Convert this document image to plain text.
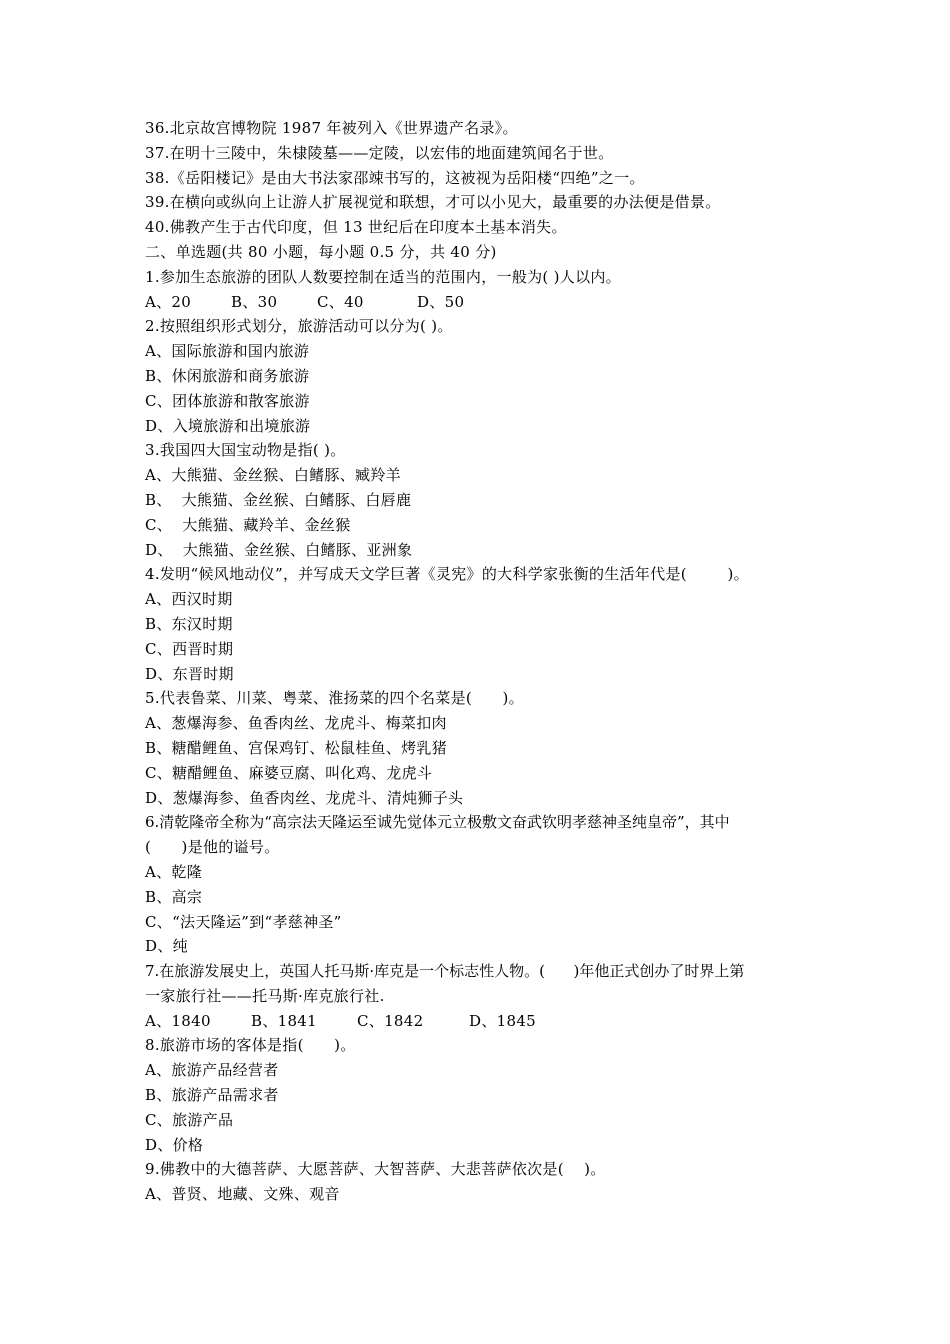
36.北京故宫博物院 1987 年被列入《世界遗产名录》。
37.在明十三陵中，朱棣陵墓——定陵，以宏伟的地面建筑闻名于世。
38.《岳阳楼记》是由大书法家邵竦书写的，这被视为岳阳楼“四绝”之一。
39.在横向或纵向上让游人扩展视觉和联想，才可以小见大，最重要的办法便是借景。
40.佛教产生于古代印度，但 13 世纪后在印度本土基本消失。
二、单选题(共 80 小题，每小题 0.5 分，共 40 分)
1.参加生态旅游的团队人数要控制在适当的范围内，一般为( )人以内。
A、20	B、30	C、40	D、50
2.按照组织形式划分，旅游活动可以分为( )。
A、国际旅游和国内旅游
B、休闲旅游和商务旅游
C、团体旅游和散客旅游
D、入境旅游和出境旅游
3.我国四大国宝动物是指( )。
A、大熊猫、金丝猴、白鳍豚、臧羚羊
B、  大熊猫、金丝猴、白鳍豚、白唇鹿
C、  大熊猫、藏羚羊、金丝猴
D、  大熊猫、金丝猴、白鳍豚、亚洲象
4.发明“候风地动仪”，并写成天文学巨著《灵宪》的大科学家张衡的生活年代是(        )。
A、西汉时期
B、东汉时期
C、西晋时期
D、东晋时期
5.代表鲁菜、川菜、粤菜、淮扬菜的四个名菜是(      )。
A、葱爆海参、鱼香肉丝、龙虎斗、梅菜扣肉
B、糖醋鲤鱼、宫保鸡钉、松鼠桂鱼、烤乳猪
C、糖醋鲤鱼、麻婆豆腐、叫化鸡、龙虎斗
D、葱爆海参、鱼香肉丝、龙虎斗、清炖狮子头
6.清乾隆帝全称为“高宗法天隆运至诚先觉体元立极敷文奋武钦明孝慈神圣纯皇帝”，其中
(      )是他的谥号。
A、乾隆
B、高宗
C、“法天隆运”到“孝慈神圣”
D、纯
7.在旅游发展史上，英国人托马斯·库克是一个标志性人物。(      )年他正式创办了时界上第
一家旅行社——托马斯·库克旅行社.
A、1840	B、1841	C、1842	D、1845
8.旅游市场的客体是指(      )。
A、旅游产品经营者
B、旅游产品需求者
C、旅游产品
D、价格
9.佛教中的大德菩萨、大愿菩萨、大智菩萨、大悲菩萨依次是(    )。
A、普贤、地藏、文殊、观音
